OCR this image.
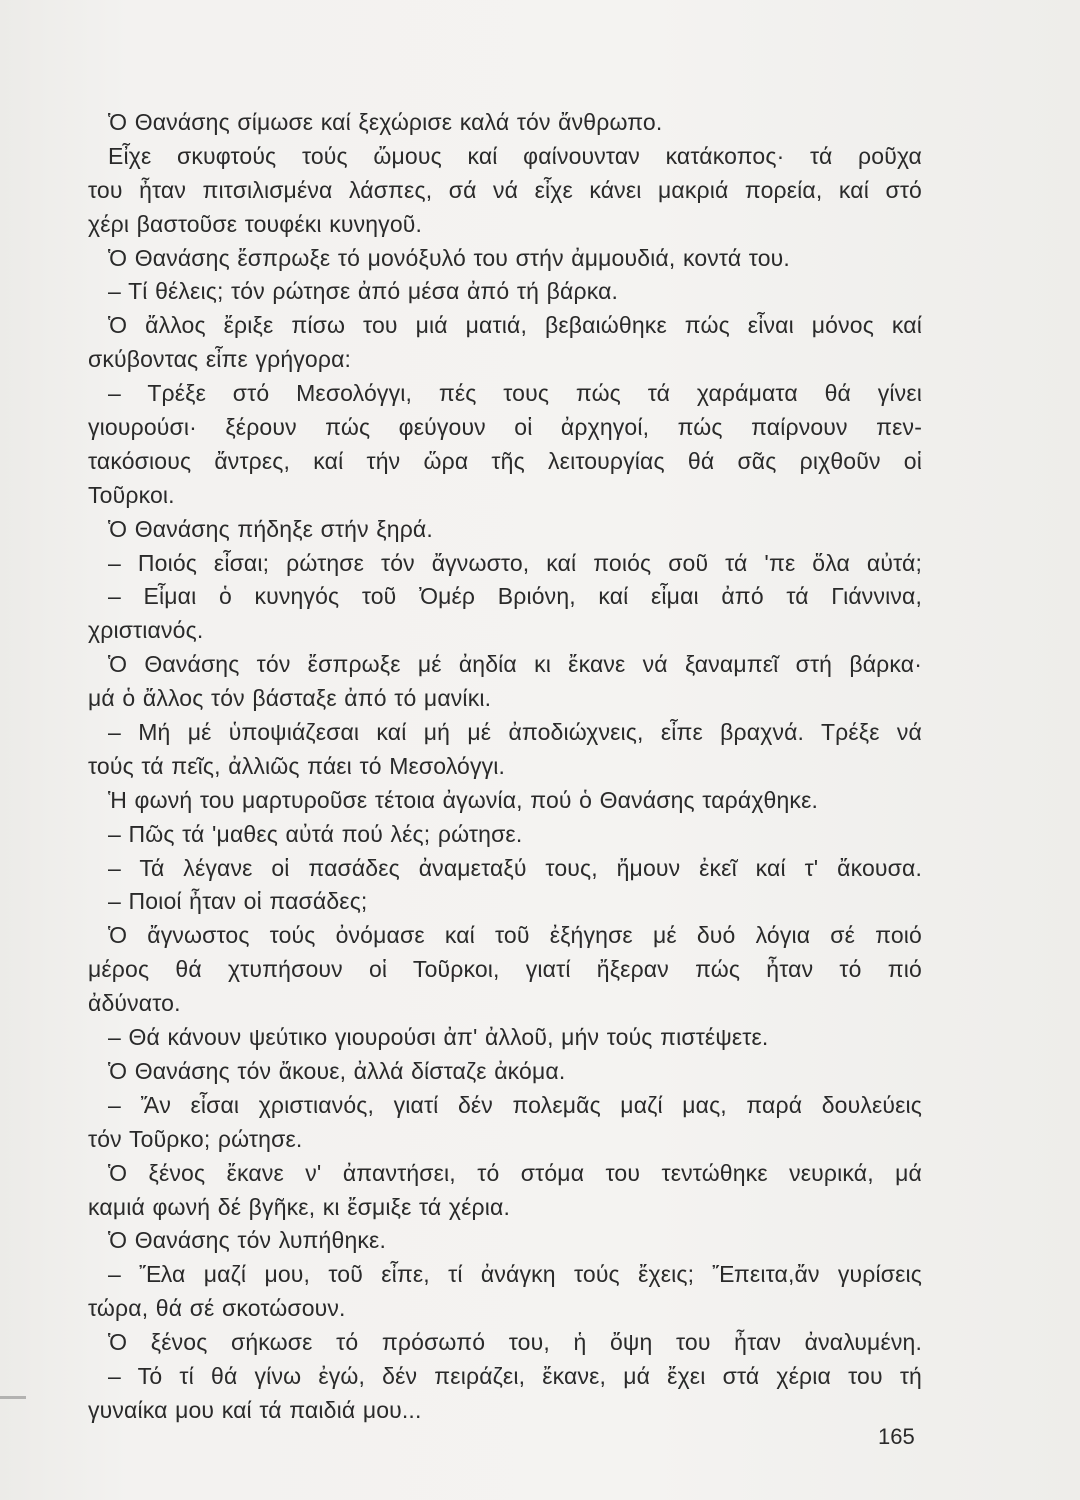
Ὁ Θανάσης σίμωσε καί ξεχώρισε καλά τόν ἄνθρωπο.
Εἶχε σκυφτούς τούς ὤμους καί φαίνουνταν κατάκοπος· τά ροῦχα
του ἦταν πιτσιλισμένα λάσπες, σά νά εἶχε κάνει μακριά πορεία, καί στό
χέρι βαστοῦσε τουφέκι κυνηγοῦ.
Ὁ Θανάσης ἔσπρωξε τό μονόξυλό του στήν ἀμμουδιά, κοντά του.
– Τί θέλεις; τόν ρώτησε ἀπό μέσα ἀπό τή βάρκα.
Ὁ ἄλλος ἔριξε πίσω του μιά ματιά, βεβαιώθηκε πώς εἶναι μόνος καί
σκύβοντας εἶπε γρήγορα:
– Τρέξε στό Μεσολόγγι, πές τους πώς τά χαράματα θά γίνει
γιουρούσι· ξέρουν πώς φεύγουν οἱ ἀρχηγοί, πώς παίρνουν πεν-
τακόσιους ἄντρες, καί τήν ὥρα τῆς λειτουργίας θά σᾶς ριχθοῦν οἱ
Τοῦρκοι.
Ὁ Θανάσης πήδηξε στήν ξηρά.
– Ποιός εἶσαι; ρώτησε τόν ἄγνωστο, καί ποιός σοῦ τά 'πε ὅλα αὐτά;
– Εἶμαι ὁ κυνηγός τοῦ Ὀμέρ Βριόνη, καί εἶμαι ἀπό τά Γιάννινα,
χριστιανός.
Ὁ Θανάσης τόν ἔσπρωξε μέ ἀηδία κι ἔκανε νά ξαναμπεῖ στή βάρκα·
μά ὁ ἄλλος τόν βάσταξε ἀπό τό μανίκι.
– Μή μέ ὑποψιάζεσαι καί μή μέ ἀποδιώχνεις, εἶπε βραχνά. Τρέξε νά
τούς τά πεῖς, ἀλλιῶς πάει τό Μεσολόγγι.
Ἡ φωνή του μαρτυροῦσε τέτοια ἀγωνία, πού ὁ Θανάσης ταράχθηκε.
– Πῶς τά 'μαθες αὐτά πού λές; ρώτησε.
– Τά λέγανε οἱ πασάδες ἀναμεταξύ τους, ἤμουν ἐκεῖ καί τ' ἄκουσα.
– Ποιοί ἦταν οἱ πασάδες;
Ὁ ἄγνωστος τούς ὀνόμασε καί τοῦ ἐξήγησε μέ δυό λόγια σέ ποιό
μέρος θά χτυπήσουν οἱ Τοῦρκοι, γιατί ἤξεραν πώς ἦταν τό πιό
ἀδύνατο.
– Θά κάνουν ψεύτικο γιουρούσι ἀπ' ἀλλοῦ, μήν τούς πιστέψετε.
Ὁ Θανάσης τόν ἄκουε, ἀλλά δίσταζε ἀκόμα.
– Ἄν εἶσαι χριστιανός, γιατί δέν πολεμᾶς μαζί μας, παρά δουλεύεις
τόν Τοῦρκο; ρώτησε.
Ὁ ξένος ἔκανε ν' ἀπαντήσει, τό στόμα του τεντώθηκε νευρικά, μά
καμιά φωνή δέ βγῆκε, κι ἔσμιξε τά χέρια.
Ὁ Θανάσης τόν λυπήθηκε.
– Ἔλα μαζί μου, τοῦ εἶπε, τί ἀνάγκη τούς ἔχεις; Ἔπειτα,ἄν γυρίσεις
τώρα, θά σέ σκοτώσουν.
Ὁ ξένος σήκωσε τό πρόσωπό του, ἡ ὄψη του ἦταν ἀναλυμένη.
– Τό τί θά γίνω ἐγώ, δέν πειράζει, ἔκανε, μά ἔχει στά χέρια του τή
γυναίκα μου καί τά παιδιά μου...
165
